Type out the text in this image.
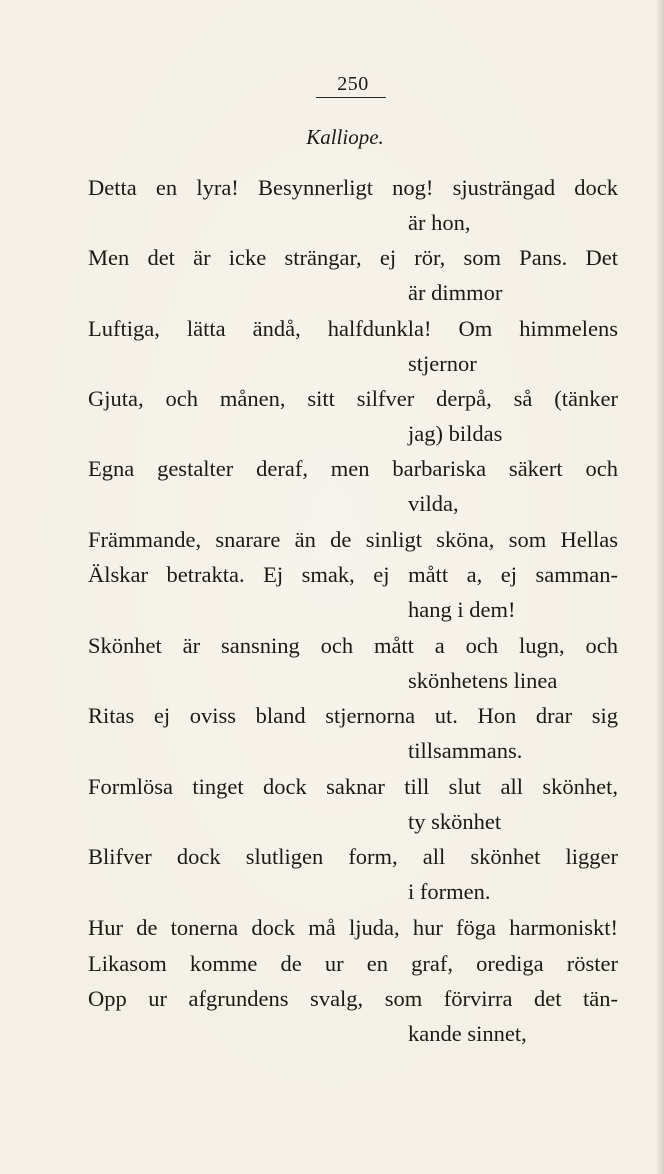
250
Kalliope.
Detta en lyra! Besynnerligt nog! sjusträngad dock
är hon,
Men det är icke strängar, ej rör, som Pans. Det
är dimmor
Luftiga, lätta ändå, halfdunkla! Om himmelens
stjernor
Gjuta, och månen, sitt silfver derpå, så (tänker
jag) bildas
Egna gestalter deraf, men barbariska säkert och
vilda,
Främmande, snarare än de sinligt sköna, som Hellas
Älskar betrakta. Ej smak, ej mått a, ej samman-
hang i dem!
Skönhet är sansning och mått a och lugn, och
skönhetens linea
Ritas ej oviss bland stjernorna ut. Hon drar sig
tillsammans.
Formlösa tinget dock saknar till slut all skönhet,
ty skönhet
Blifver dock slutligen form, all skönhet ligger
i formen.
Hur de tonerna dock må ljuda, hur föga harmoniskt!
Likasom komme de ur en graf, orediga röster
Opp ur afgrundens svalg, som förvirra det tän-
kande sinnet,
